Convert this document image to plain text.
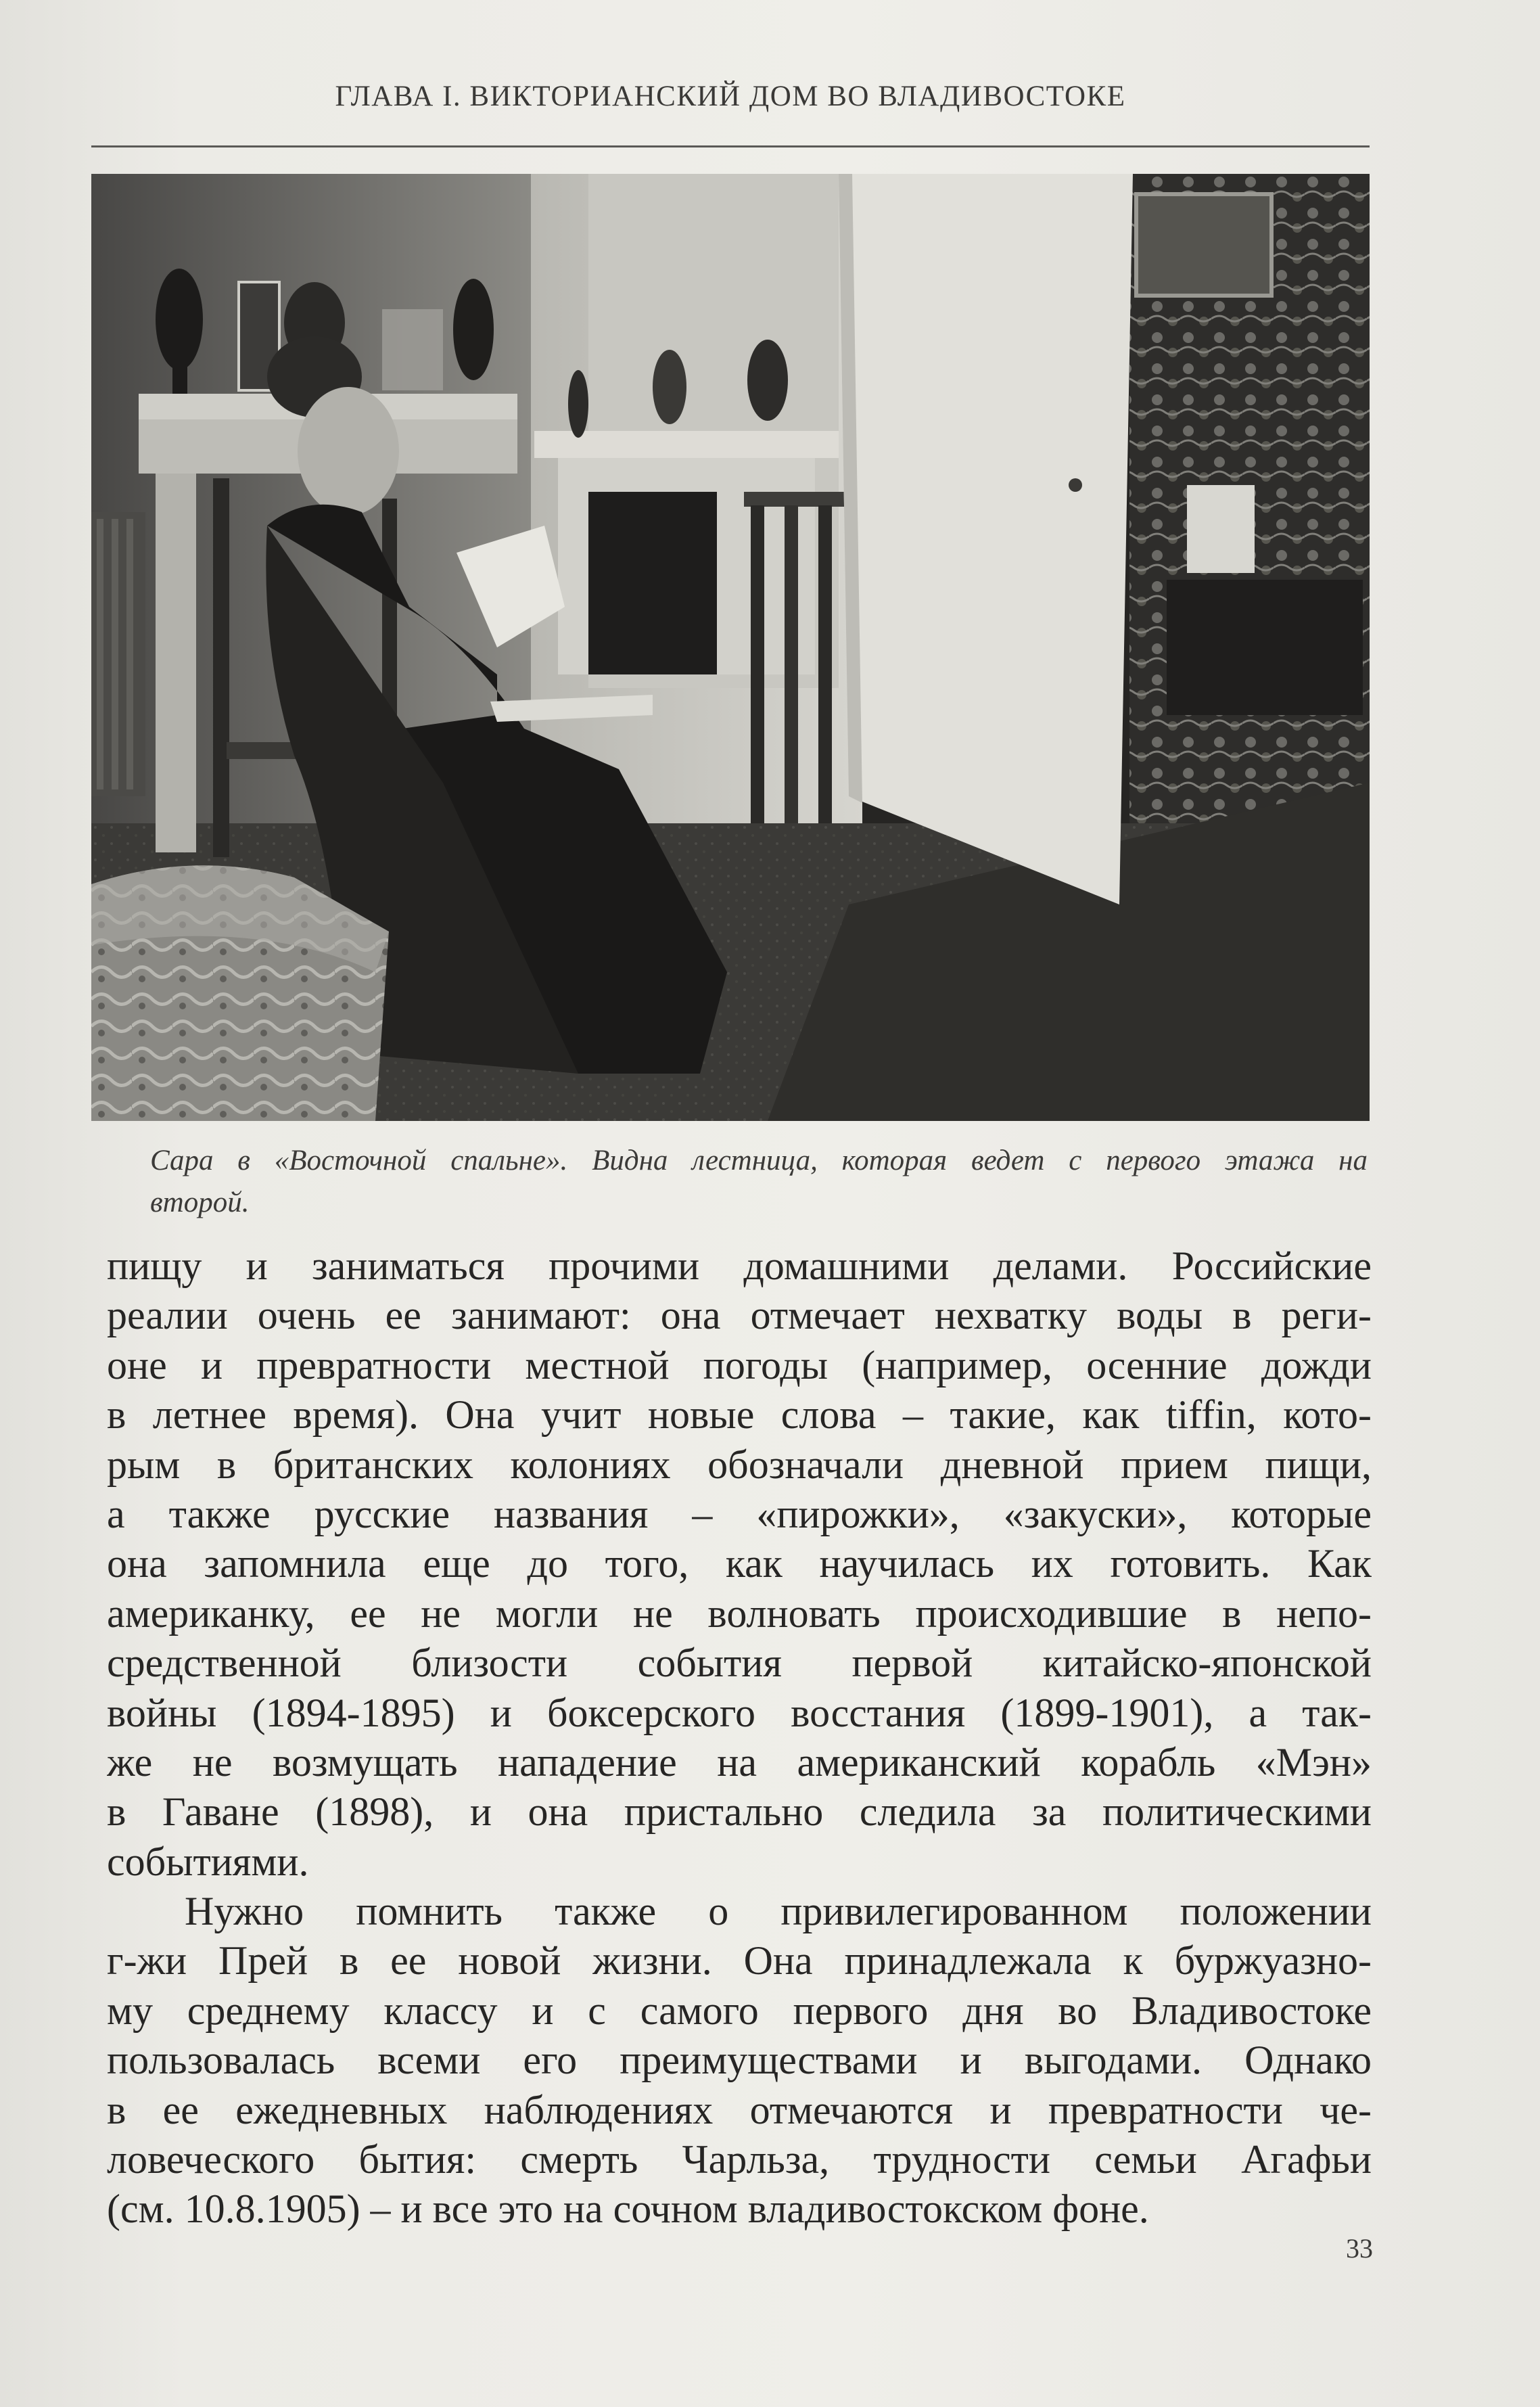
ГЛАВА I. ВИКТОРИАНСКИЙ ДОМ ВО ВЛАДИВОСТОКЕ
Сара в «Восточной спальне». Видна лестница, которая ведет с первого этажа на
второй.
пищу и заниматься прочими домашними делами. Российские
реалии очень ее занимают: она отмечает нехватку воды в реги-
оне и превратности местной погоды (например, осенние дожди
в летнее время). Она учит новые слова – такие, как tiffin, кото-
рым в британских колониях обозначали дневной прием пищи,
а также русские названия – «пирожки», «закуски», которые
она запомнила еще до того, как научилась их готовить. Как
американку, ее не могли не волновать происходившие в непо-
средственной близости события первой китайско-японской
войны (1894-1895) и боксерского восстания (1899-1901), а так-
же не возмущать нападение на американский корабль «Мэн»
в Гаване (1898), и она пристально следила за политическими
событиями.
Нужно помнить также о привилегированном положении
г-жи Прей в ее новой жизни. Она принадлежала к буржуазно-
му среднему классу и с самого первого дня во Владивостоке
пользовалась всеми его преимуществами и выгодами. Однако
в ее ежедневных наблюдениях отмечаются и превратности че-
ловеческого бытия: смерть Чарльза, трудности семьи Агафьи
(см. 10.8.1905) – и все это на сочном владивостокском фоне.
33
